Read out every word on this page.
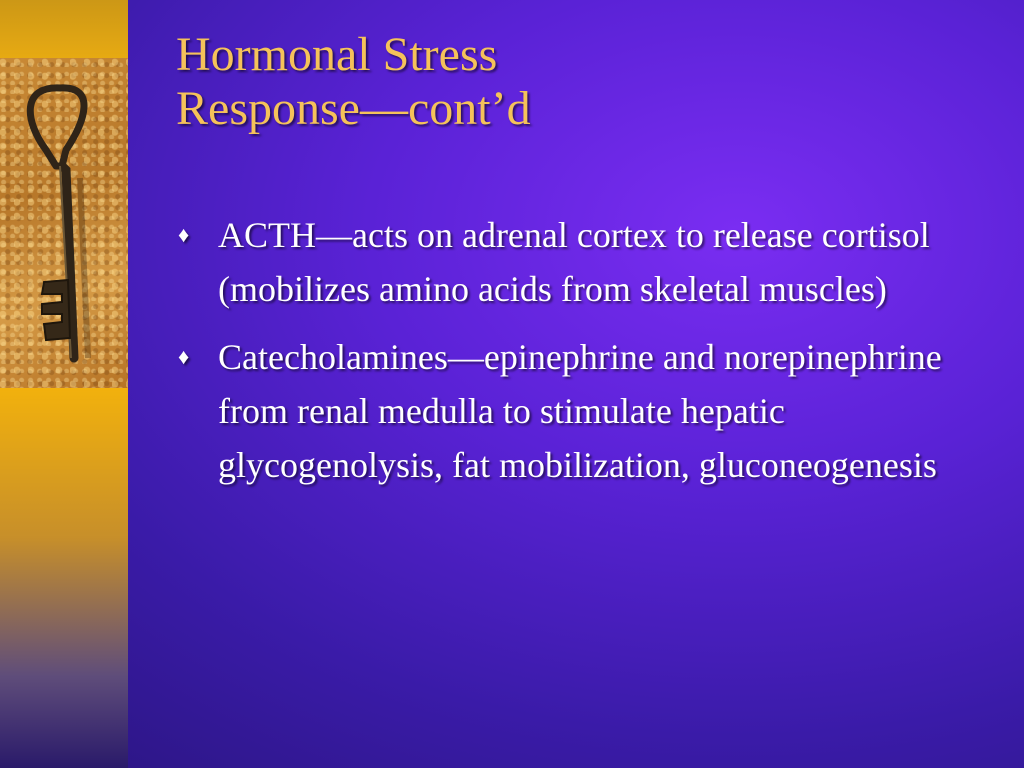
Hormonal Stress
Response—cont’d
♦ ACTH—acts on adrenal cortex to release cortisol (mobilizes amino acids from skeletal muscles)
♦ Catecholamines—epinephrine and norepinephrine from renal medulla to stimulate hepatic glycogenolysis, fat mobilization, gluconeogenesis
